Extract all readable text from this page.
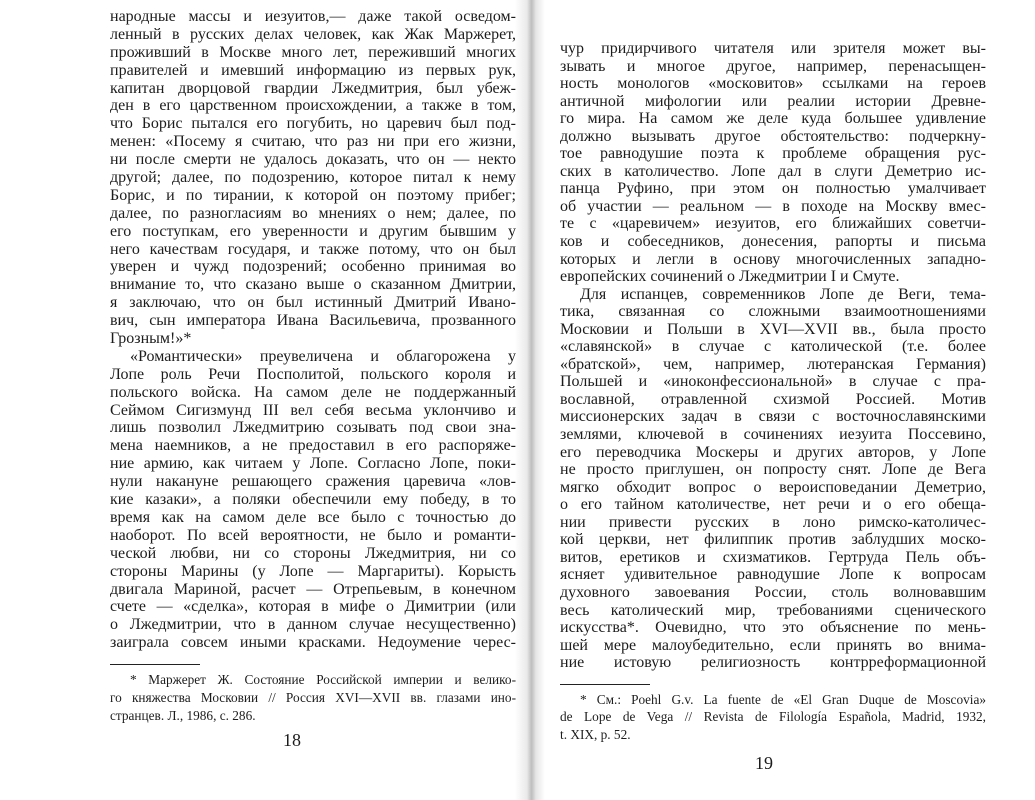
народные массы и иезуитов,— даже такой осведом-
ленный в русских делах человек, как Жак Маржерет,
проживший в Москве много лет, переживший многих
правителей и имевший информацию из первых рук,
капитан дворцовой гвардии Лжедмитрия, был убеж-
ден в его царственном происхождении, а также в том,
что Борис пытался его погубить, но царевич был под-
менен: «Посему я считаю, что раз ни при его жизни,
ни после смерти не удалось доказать, что он — некто
другой; далее, по подозрению, которое питал к нему
Борис, и по тирании, к которой он поэтому прибег;
далее, по разногласиям во мнениях о нем; далее, по
его поступкам, его уверенности и другим бывшим у
него качествам государя, и также потому, что он был
уверен и чужд подозрений; особенно принимая во
внимание то, что сказано выше о сказанном Дмитрии,
я заключаю, что он был истинный Дмитрий Ивано-
вич, сын императора Ивана Васильевича, прозванного
Грозным!»*
«Романтически» преувеличена и облагорожена у
Лопе роль Речи Посполитой, польского короля и
польского войска. На самом деле не поддержанный
Сеймом Сигизмунд III вел себя весьма уклончиво и
лишь позволил Лжедмитрию созывать под свои зна-
мена наемников, а не предоставил в его распоряже-
ние армию, как читаем у Лопе. Согласно Лопе, поки-
нули накануне решающего сражения царевича «лов-
кие казаки», а поляки обеспечили ему победу, в то
время как на самом деле все было с точностью до
наоборот. По всей вероятности, не было и романти-
ческой любви, ни со стороны Лжедмитрия, ни со
стороны Марины (у Лопе — Маргариты). Корысть
двигала Мариной, расчет — Отрепьевым, в конечном
счете — «сделка», которая в мифе о Димитрии (или
о Лжедмитрии, что в данном случае несущественно)
заиграла совсем иными красками. Недоумение черес-
* Маржерет Ж. Состояние Российской империи и велико-
го княжества Московии // Россия XVI—XVII вв. глазами ино-
странцев. Л., 1986, с. 286.
18
чур придирчивого читателя или зрителя может вы-
зывать и многое другое, например, перенасыщен-
ность монологов «московитов» ссылками на героев
античной мифологии или реалии истории Древне-
го мира. На самом же деле куда большее удивление
должно вызывать другое обстоятельство: подчеркну-
тое равнодушие поэта к проблеме обращения рус-
ских в католичество. Лопе дал в слуги Деметрио ис-
панца Руфино, при этом он полностью умалчивает
об участии — реальном — в походе на Москву вмес-
те с «царевичем» иезуитов, его ближайших советчи-
ков и собеседников, донесения, рапорты и письма
которых и легли в основу многочисленных западно-
европейских сочинений о Лжедмитрии I и Смуте.
Для испанцев, современников Лопе де Веги, тема-
тика, связанная со сложными взаимоотношениями
Московии и Польши в XVI—XVII вв., была просто
«славянской» в случае с католической (т.е. более
«братской», чем, например, лютеранская Германия)
Польшей и «иноконфессиональной» в случае с пра-
вославной, отравленной схизмой Россией. Мотив
миссионерских задач в связи с восточнославянскими
землями, ключевой в сочинениях иезуита Поссевино,
его переводчика Москеры и других авторов, у Лопе
не просто приглушен, он попросту снят. Лопе де Вега
мягко обходит вопрос о вероисповедании Деметрио,
о его тайном католичестве, нет речи и о его обеща-
нии привести русских в лоно римско-католичес-
кой церкви, нет филиппик против заблудших моско-
витов, еретиков и схизматиков. Гертруда Пель объ-
ясняет удивительное равнодушие Лопе к вопросам
духовного завоевания России, столь волновавшим
весь католический мир, требованиями сценического
искусства*. Очевидно, что это объяснение по мень-
шей мере малоубедительно, если принять во внима-
ние истовую религиозность контрреформационной
* См.: Poehl G.v. La fuente de «El Gran Duque de Moscovia»
de Lope de Vega // Revista de Filología Española, Madrid, 1932,
t. XIX, p. 52.
19
